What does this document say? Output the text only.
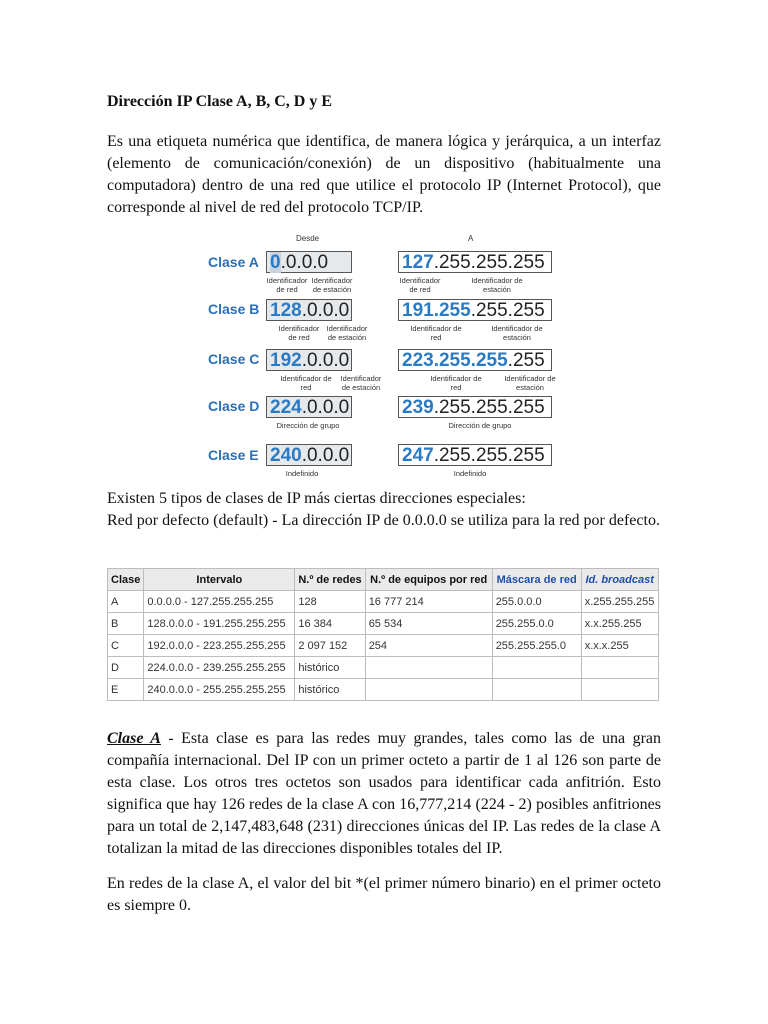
Dirección IP Clase A, B, C, D y E

Es una etiqueta numérica que identifica, de manera lógica y jerárquica, a un interfaz (elemento de comunicación/conexión) de un dispositivo (habitualmente una computadora) dentro de una red que utilice el protocolo IP (Internet Protocol), que corresponde al nivel de red del protocolo TCP/IP.

Existen 5 tipos de clases de IP más ciertas direcciones especiales:
Red por defecto (default) - La dirección IP de 0.0.0.0 se utiliza para la red por defecto.

Clase A - Esta clase es para las redes muy grandes, tales como las de una gran compañía internacional. Del IP con un primer octeto a partir de 1 al 126 son parte de esta clase. Los otros tres octetos son usados para identificar cada anfitrión. Esto significa que hay 126 redes de la clase A con 16,777,214 (224 - 2) posibles anfitriones para un total de 2,147,483,648 (231) direcciones únicas del IP. Las redes de la clase A totalizan la mitad de las direcciones disponibles totales del IP.

En redes de la clase A, el valor del bit *(el primer número binario) en el primer octeto es siempre 0.

Desde	A
Clase A 0.0.0.0	127.255.255.255
Identificador de red
Identificador de estación
Identificador de red
Identificador de estación
Clase B 128.0.0.0	191.255.255.255
Identificador de red
Identificador de estación
Identificador de red
Identificador de estación
Clase C 192.0.0.0	223.255.255.255
Identificador de red
Identificador de estación
Identificador de red
Identificador de estación
Clase D 224.0.0.0	239.255.255.255
Dirección de grupo	Dirección de grupo
Clase E 240.0.0.0	247.255.255.255
Indefinido	Indefinido
Clase	Intervalo	N.º de redes	N.º de equipos por red	Máscara de red	Id. broadcast
A	0.0.0.0 - 127.255.255.255	128	16 777 214	255.0.0.0	x.255.255.255
B	128.0.0.0 - 191.255.255.255	16 384	65 534	255.255.0.0	x.x.255.255
C	192.0.0.0 - 223.255.255.255	2 097 152	254	255.255.255.0	x.x.x.255
D	224.0.0.0 - 239.255.255.255	histórico			
E	240.0.0.0 - 255.255.255.255	histórico			
